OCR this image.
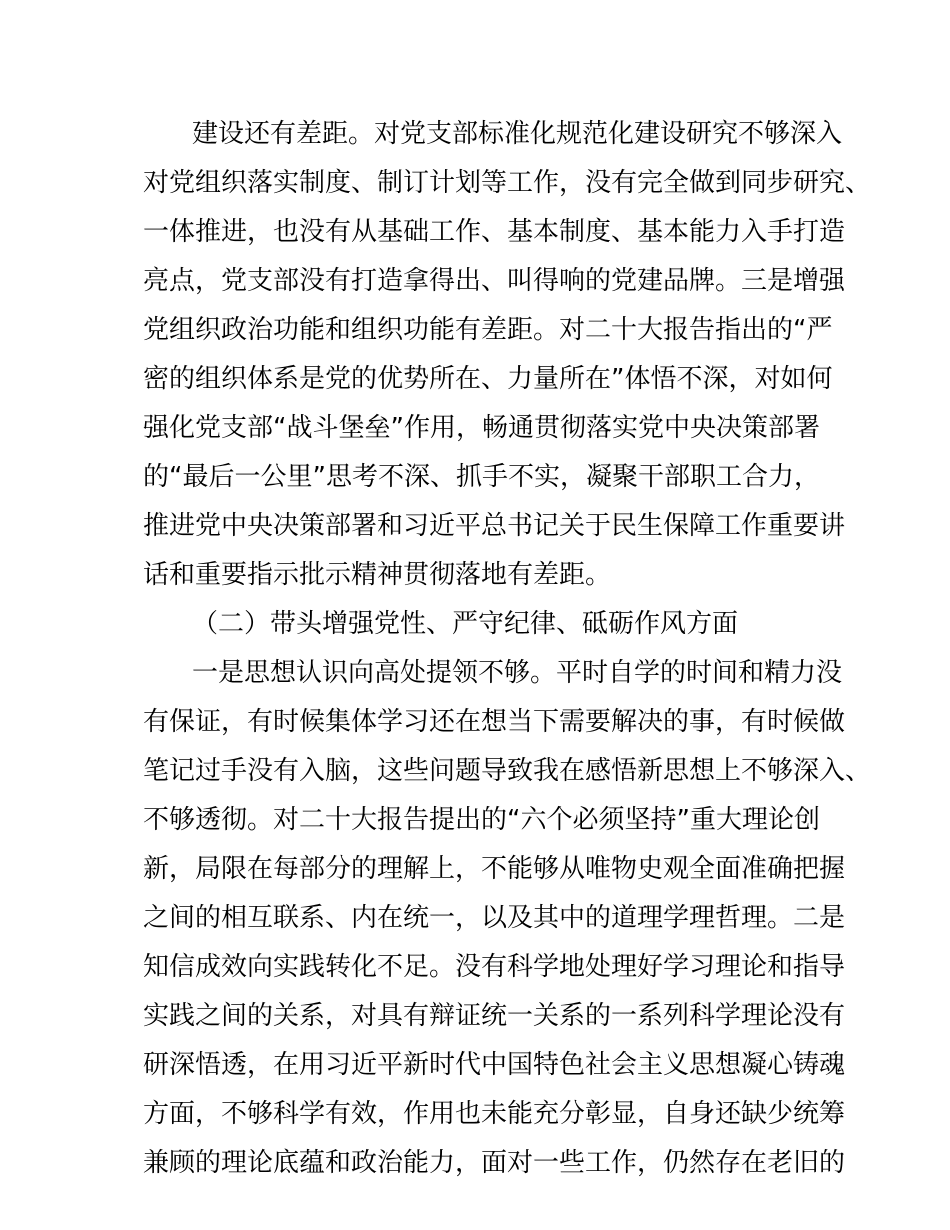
建设还有差距。对党支部标准化规范化建设研究不够深入
对党组织落实制度、制订计划等工作，没有完全做到同步研究、
一体推进，也没有从基础工作、基本制度、基本能力入手打造
亮点，党支部没有打造拿得出、叫得响的党建品牌。三是增强
党组织政治功能和组织功能有差距。对二十大报告指出的“严
密的组织体系是党的优势所在、力量所在”体悟不深，对如何
强化党支部“战斗堡垒”作用，畅通贯彻落实党中央决策部署
的“最后一公里”思考不深、抓手不实，凝聚干部职工合力，
推进党中央决策部署和习近平总书记关于民生保障工作重要讲
话和重要指示批示精神贯彻落地有差距。
（二）带头增强党性、严守纪律、砥砺作风方面
一是思想认识向高处提领不够。平时自学的时间和精力没
有保证，有时候集体学习还在想当下需要解决的事，有时候做
笔记过手没有入脑，这些问题导致我在感悟新思想上不够深入、
不够透彻。对二十大报告提出的“六个必须坚持”重大理论创
新，局限在每部分的理解上，不能够从唯物史观全面准确把握
之间的相互联系、内在统一，以及其中的道理学理哲理。二是
知信成效向实践转化不足。没有科学地处理好学习理论和指导
实践之间的关系，对具有辩证统一关系的一系列科学理论没有
研深悟透，在用习近平新时代中国特色社会主义思想凝心铸魂
方面，不够科学有效，作用也未能充分彰显，自身还缺少统筹
兼顾的理论底蕴和政治能力，面对一些工作，仍然存在老旧的
